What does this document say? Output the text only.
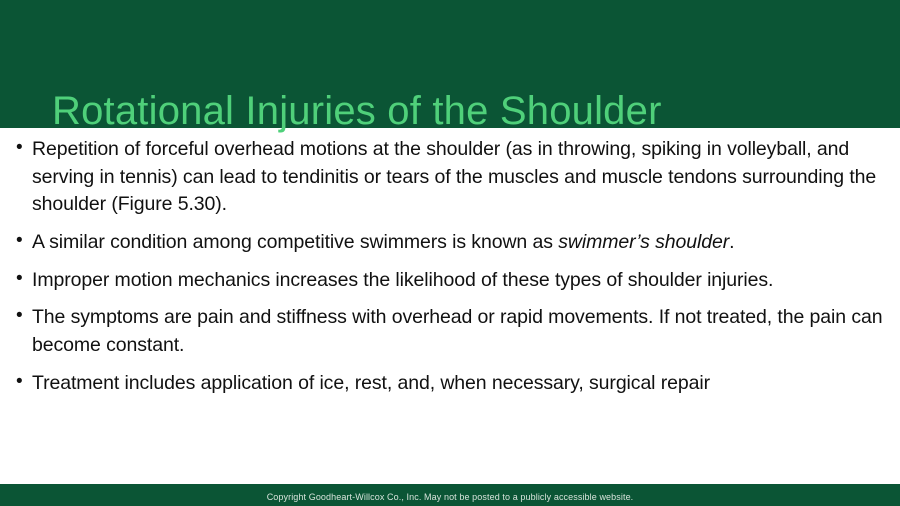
Rotational Injuries of the Shoulder

• Repetition of forceful overhead motions at the shoulder (as in throwing, spiking in volleyball, and serving in tennis) can lead to tendinitis or tears of the muscles and muscle tendons surrounding the shoulder (Figure 5.30).

• A similar condition among competitive swimmers is known as swimmer’s shoulder.

• Improper motion mechanics increases the likelihood of these types of shoulder injuries.

• The symptoms are pain and stiffness with overhead or rapid movements. If not treated, the pain can become constant.

• Treatment includes application of ice, rest, and, when necessary, surgical repair

Copyright Goodheart-Willcox Co., Inc. May not be posted to a publicly accessible website.
